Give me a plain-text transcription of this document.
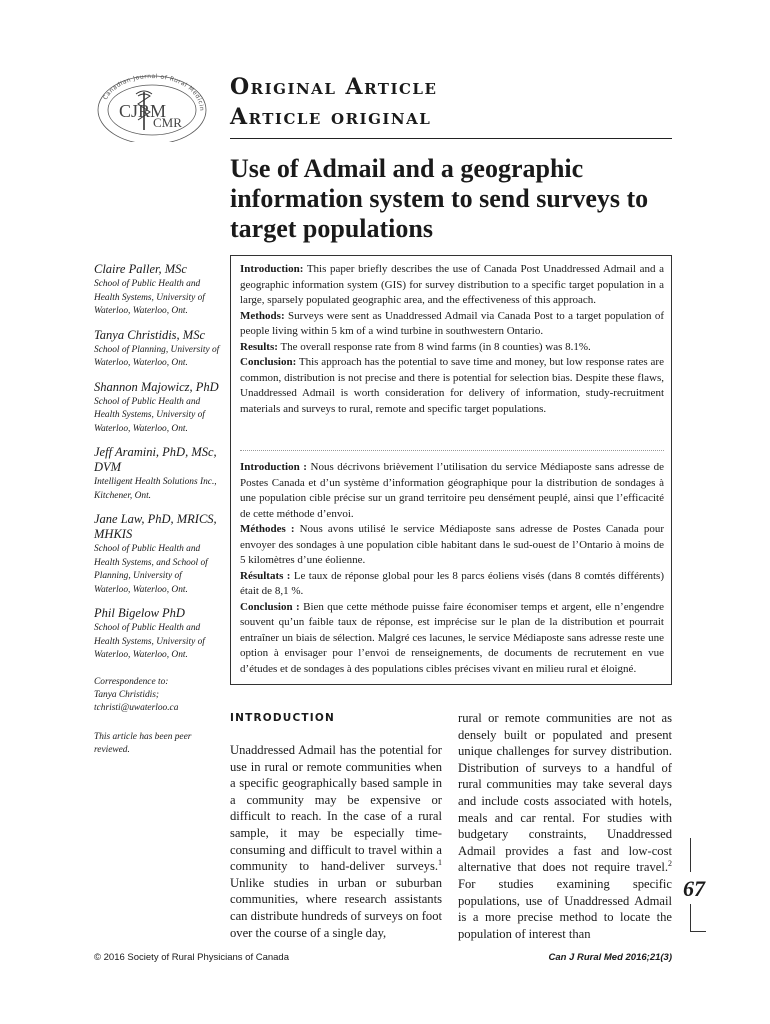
Canadian Journal of Rural Medicin
CJRM
CMR
Original Article
Article original
Use of Admail and a geographic information system to send surveys to target populations
Claire Paller, MSc
School of Public Health and Health Systems, University of Waterloo, Waterloo, Ont.
Tanya Christidis, MSc
School of Planning, University of Waterloo, Waterloo, Ont.
Shannon Majowicz, PhD
School of Public Health and Health Systems, University of Waterloo, Waterloo, Ont.
Jeff Aramini, PhD, MSc, DVM
Intelligent Health Solutions Inc., Kitchener, Ont.
Jane Law, PhD, MRICS, MHKIS
School of Public Health and Health Systems, and School of Planning, University of Waterloo, Waterloo, Ont.
Phil Bigelow PhD
School of Public Health and Health Systems, University of Waterloo, Waterloo, Ont.
Correspondence to:
Tanya Christidis;
tchristi@uwaterloo.ca
This article has been peer reviewed.

Introduction: This paper briefly describes the use of Canada Post Unaddressed Admail and a geographic information system (GIS) for survey distribution to a specific target population in a large, sparsely populated geographic area, and the effectiveness of this approach.

Methods: Surveys were sent as Unaddressed Admail via Canada Post to a target population of people living within 5 km of a wind turbine in southwestern Ontario.

Results: The overall response rate from 8 wind farms (in 8 counties) was 8.1%.

Conclusion: This approach has the potential to save time and money, but low response rates are common, distribution is not precise and there is potential for selection bias. Despite these flaws, Unaddressed Admail is worth consideration for delivery of information, study-recruitment materials and surveys to rural, remote and specific target populations.

Introduction : Nous décrivons brièvement l’utilisation du service Médiaposte sans adresse de Postes Canada et d’un système d’information géographique pour la distribution de sondages à une population cible précise sur un grand territoire peu densément peuplé, ainsi que l’efficacité de cette méthode d’envoi.

Méthodes : Nous avons utilisé le service Médiaposte sans adresse de Postes Canada pour envoyer des sondages à une population cible habitant dans le sud-ouest de l’Ontario à moins de 5 kilomètres d’une éolienne.

Résultats : Le taux de réponse global pour les 8 parcs éoliens visés (dans 8 comtés différents) était de 8,1 %.

Conclusion : Bien que cette méthode puisse faire économiser temps et argent, elle n’engendre souvent qu’un faible taux de réponse, est imprécise sur le plan de la distribution et pourrait entraîner un biais de sélection. Malgré ces lacunes, le service Médiaposte sans adresse reste une option à envisager pour l’envoi de renseignements, de documents de recrutement en vue d’études et de sondages à des populations cibles précises vivant en milieu rural et éloigné.

INTRODUCTION

Unaddressed Admail has the potential for use in rural or remote communities when a specific geographically based sample in a community may be expensive or difficult to reach. In the case of a rural sample, it may be especially time-consuming and difficult to travel within a community to hand-deliver surveys.$^1$ Unlike studies in urban or suburban communities, where research assistants can distribute hundreds of surveys on foot over the course of a single day,

rural or remote communities are not as densely built or populated and present unique challenges for survey distribution. Distribution of surveys to a handful of rural communities may take several days and include costs associated with hotels, meals and car rental. For studies with budgetary constraints, Unaddressed Admail provides a fast and low-cost alternative that does not require travel.$^2$ For studies examining specific populations, use of Unaddressed Admail is a more precise method to locate the population of interest than

67
© 2016 Society of Rural Physicians of Canada	Can J Rural Med 2016;21(3)
